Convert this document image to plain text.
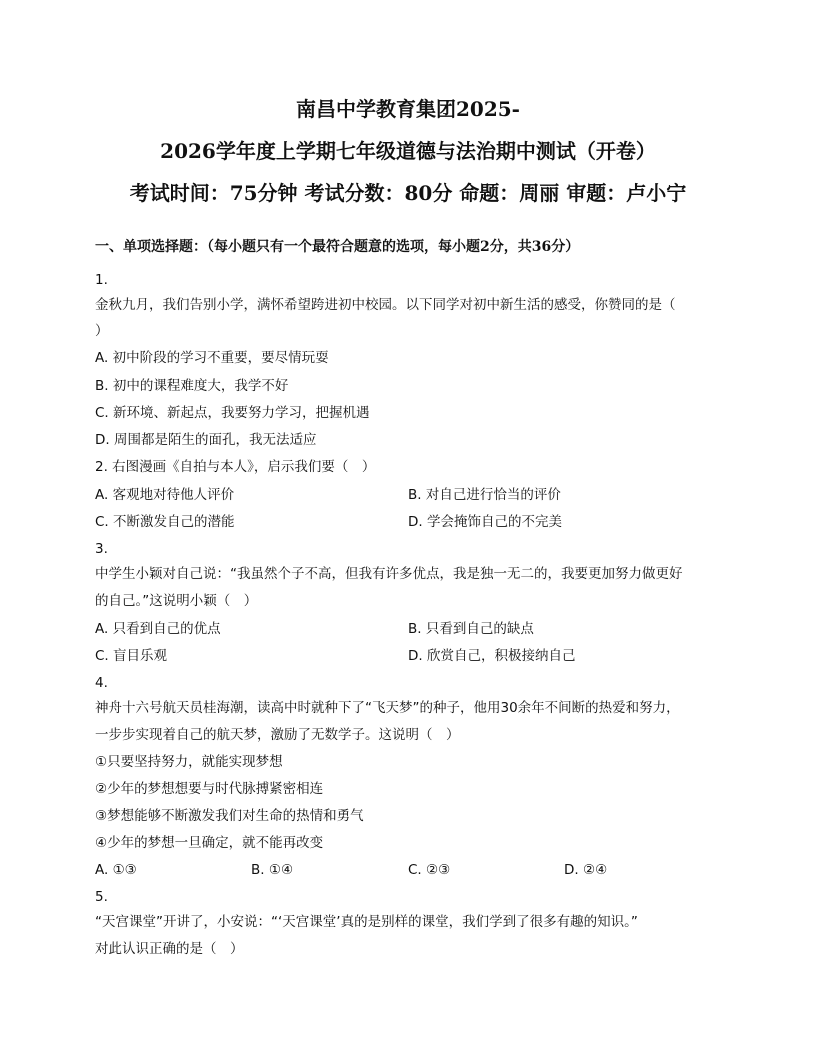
南昌中学教育集团2025-
2026学年度上学期七年级道德与法治期中测试（开卷）
考试时间：75分钟 考试分数：80分 命题：周丽 审题：卢小宁
一、单项选择题：（每小题只有一个最符合题意的选项，每小题2分，共36分）
1.
金秋九月，我们告别小学，满怀希望跨进初中校园。以下同学对初中新生活的感受，你赞同的是（
）
A. 初中阶段的学习不重要，要尽情玩耍
B. 初中的课程难度大，我学不好
C. 新环境、新起点，我要努力学习，把握机遇
D. 周围都是陌生的面孔，我无法适应
2. 右图漫画《自拍与本人》，启示我们要（　）
A. 客观地对待他人评价	B. 对自己进行恰当的评价
C. 不断激发自己的潜能	D. 学会掩饰自己的不完美
3.
中学生小颖对自己说：“我虽然个子不高，但我有许多优点，我是独一无二的，我要更加努力做更好
的自己。”这说明小颖（　）
A. 只看到自己的优点	B. 只看到自己的缺点
C. 盲目乐观	D. 欣赏自己，积极接纳自己
4.
神舟十六号航天员桂海潮，读高中时就种下了“飞天梦”的种子，他用30余年不间断的热爱和努力，
一步步实现着自己的航天梦，激励了无数学子。这说明（　）
①只要坚持努力，就能实现梦想
②少年的梦想想要与时代脉搏紧密相连
③梦想能够不断激发我们对生命的热情和勇气
④少年的梦想一旦确定，就不能再改变
A. ①③	B. ①④	C. ②③	D. ②④
5.
“天宫课堂”开讲了，小安说：“‘天宫课堂’真的是别样的课堂，我们学到了很多有趣的知识。”
对此认识正确的是（　）
